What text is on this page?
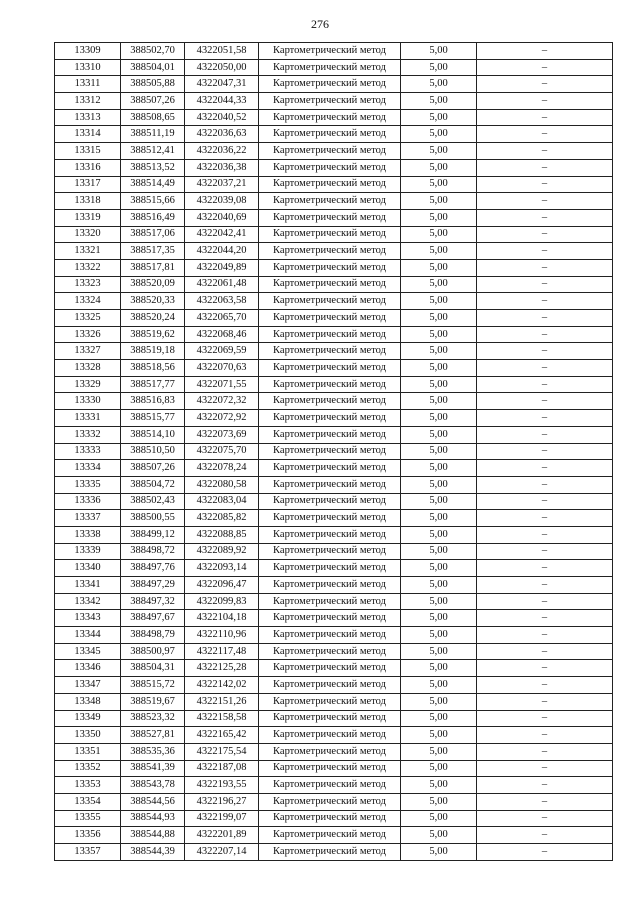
276
13309	388502,70	4322051,58	Картометрический метод	5,00	–
13310	388504,01	4322050,00	Картометрический метод	5,00	–
13311	388505,88	4322047,31	Картометрический метод	5,00	–
13312	388507,26	4322044,33	Картометрический метод	5,00	–
13313	388508,65	4322040,52	Картометрический метод	5,00	–
13314	388511,19	4322036,63	Картометрический метод	5,00	–
13315	388512,41	4322036,22	Картометрический метод	5,00	–
13316	388513,52	4322036,38	Картометрический метод	5,00	–
13317	388514,49	4322037,21	Картометрический метод	5,00	–
13318	388515,66	4322039,08	Картометрический метод	5,00	–
13319	388516,49	4322040,69	Картометрический метод	5,00	–
13320	388517,06	4322042,41	Картометрический метод	5,00	–
13321	388517,35	4322044,20	Картометрический метод	5,00	–
13322	388517,81	4322049,89	Картометрический метод	5,00	–
13323	388520,09	4322061,48	Картометрический метод	5,00	–
13324	388520,33	4322063,58	Картометрический метод	5,00	–
13325	388520,24	4322065,70	Картометрический метод	5,00	–
13326	388519,62	4322068,46	Картометрический метод	5,00	–
13327	388519,18	4322069,59	Картометрический метод	5,00	–
13328	388518,56	4322070,63	Картометрический метод	5,00	–
13329	388517,77	4322071,55	Картометрический метод	5,00	–
13330	388516,83	4322072,32	Картометрический метод	5,00	–
13331	388515,77	4322072,92	Картометрический метод	5,00	–
13332	388514,10	4322073,69	Картометрический метод	5,00	–
13333	388510,50	4322075,70	Картометрический метод	5,00	–
13334	388507,26	4322078,24	Картометрический метод	5,00	–
13335	388504,72	4322080,58	Картометрический метод	5,00	–
13336	388502,43	4322083,04	Картометрический метод	5,00	–
13337	388500,55	4322085,82	Картометрический метод	5,00	–
13338	388499,12	4322088,85	Картометрический метод	5,00	–
13339	388498,72	4322089,92	Картометрический метод	5,00	–
13340	388497,76	4322093,14	Картометрический метод	5,00	–
13341	388497,29	4322096,47	Картометрический метод	5,00	–
13342	388497,32	4322099,83	Картометрический метод	5,00	–
13343	388497,67	4322104,18	Картометрический метод	5,00	–
13344	388498,79	4322110,96	Картометрический метод	5,00	–
13345	388500,97	4322117,48	Картометрический метод	5,00	–
13346	388504,31	4322125,28	Картометрический метод	5,00	–
13347	388515,72	4322142,02	Картометрический метод	5,00	–
13348	388519,67	4322151,26	Картометрический метод	5,00	–
13349	388523,32	4322158,58	Картометрический метод	5,00	–
13350	388527,81	4322165,42	Картометрический метод	5,00	–
13351	388535,36	4322175,54	Картометрический метод	5,00	–
13352	388541,39	4322187,08	Картометрический метод	5,00	–
13353	388543,78	4322193,55	Картометрический метод	5,00	–
13354	388544,56	4322196,27	Картометрический метод	5,00	–
13355	388544,93	4322199,07	Картометрический метод	5,00	–
13356	388544,88	4322201,89	Картометрический метод	5,00	–
13357	388544,39	4322207,14	Картометрический метод	5,00	–
